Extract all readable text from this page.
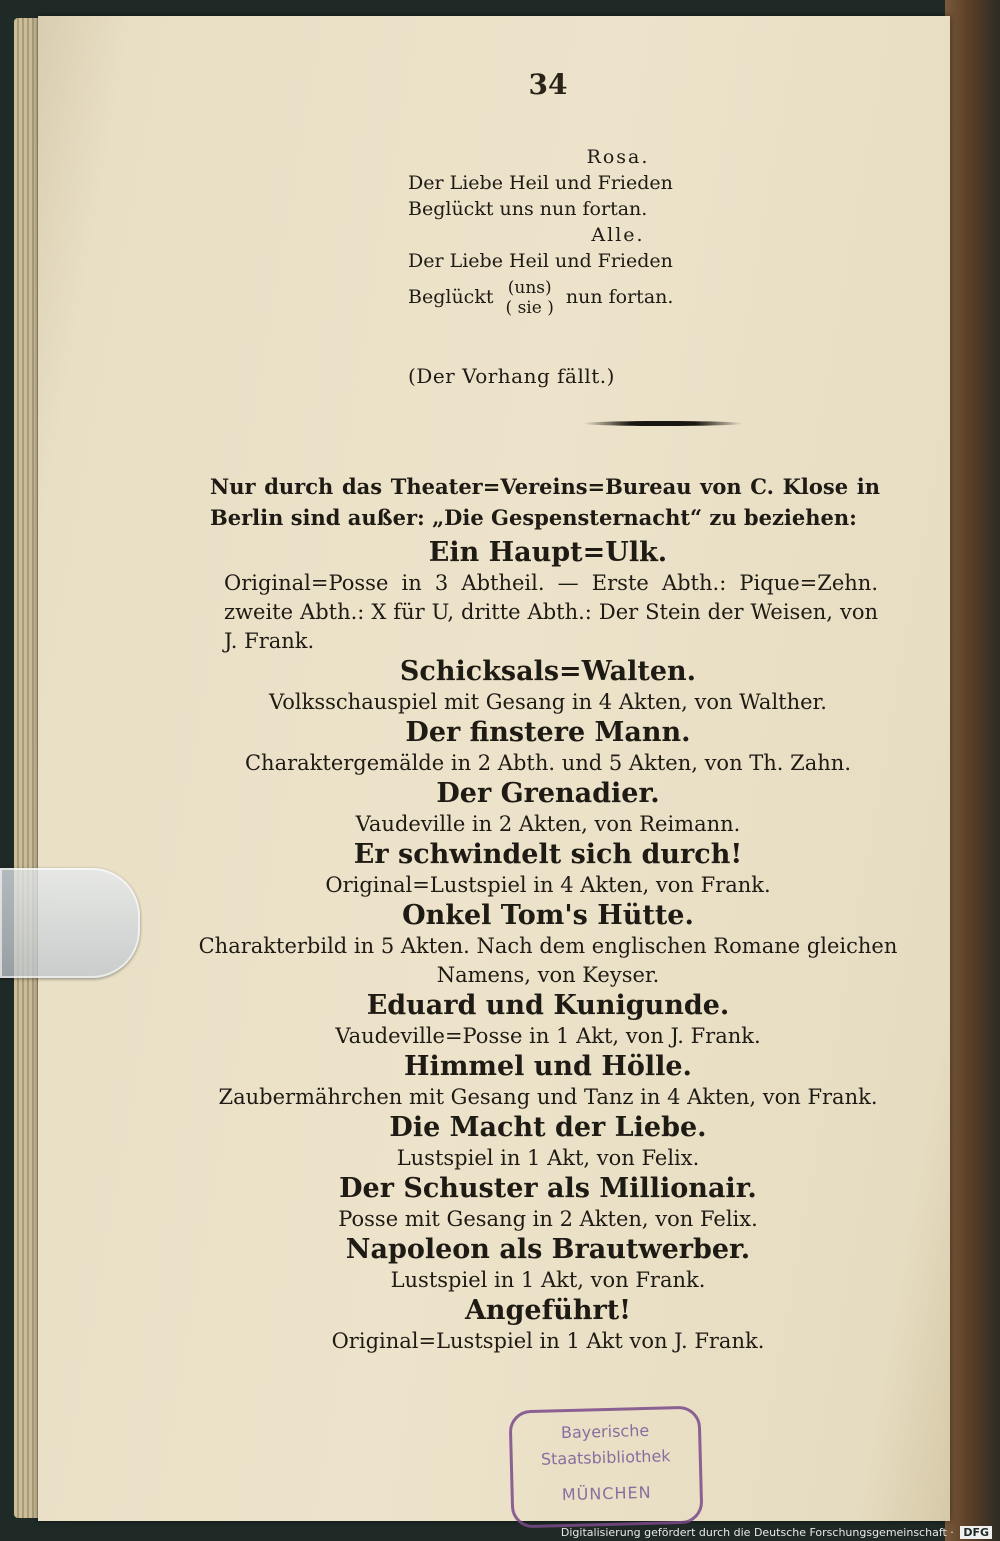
34
Rosa.
Der Liebe Heil und Frieden
Beglückt uns nun fortan.
Alle.
Der Liebe Heil und Frieden
Beglückt (uns)
( sie ) nun fortan.
(Der Vorhang fällt.)

Nur durch das Theater=Vereins=Bureau von C. Klose in Berlin sind außer: „Die Gespensternacht“ zu beziehen:

Ein Haupt=Ulk.
Original=Posse in 3 Abtheil. — Erste Abth.: Pique=Zehn. zweite Abth.: X für U, dritte Abth.: Der Stein der Weisen, von J. Frank.
Schicksals=Walten.
Volksschauspiel mit Gesang in 4 Akten, von Walther.
Der finstere Mann.
Charaktergemälde in 2 Abth. und 5 Akten, von Th. Zahn.
Der Grenadier.
Vaudeville in 2 Akten, von Reimann.
Er schwindelt sich durch!
Original=Lustspiel in 4 Akten, von Frank.
Onkel Tom's Hütte.
Charakterbild in 5 Akten. Nach dem englischen Romane gleichen Namens, von Keyser.
Eduard und Kunigunde.
Vaudeville=Posse in 1 Akt, von J. Frank.
Himmel und Hölle.
Zaubermährchen mit Gesang und Tanz in 4 Akten, von Frank.
Die Macht der Liebe.
Lustspiel in 1 Akt, von Felix.
Der Schuster als Millionair.
Posse mit Gesang in 2 Akten, von Felix.
Napoleon als Brautwerber.
Lustspiel in 1 Akt, von Frank.
Angeführt!
Original=Lustspiel in 1 Akt von J. Frank.
Bayerische
Staatsbibliothek
MÜNCHEN
Digitalisierung gefördert durch die Deutsche Forschungsgemeinschaft · DFG
